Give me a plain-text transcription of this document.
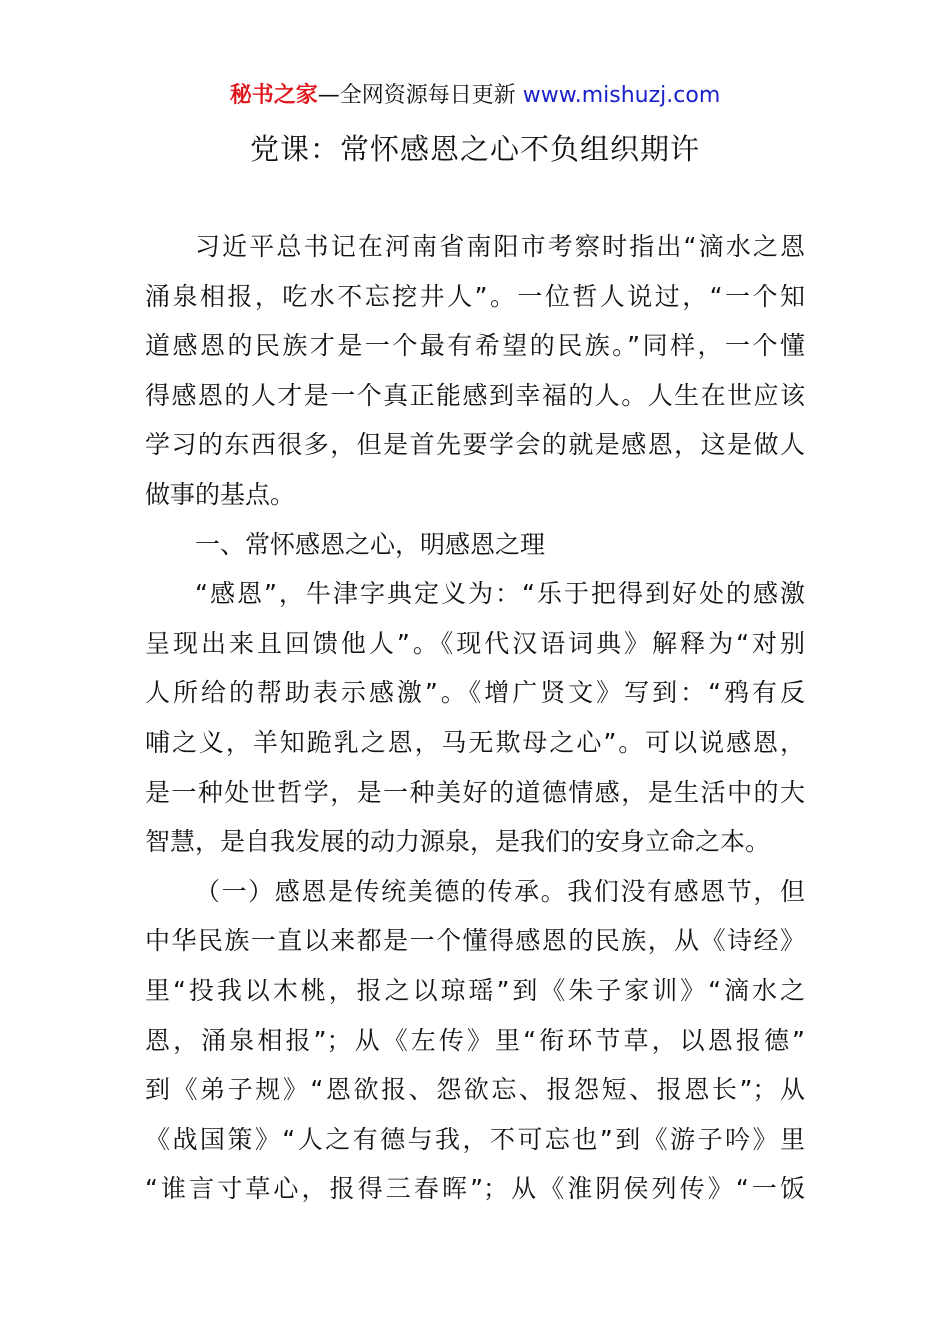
秘书之家—全网资源每日更新 www.mishuzj.com
党课：常怀感恩之心不负组织期许
习近平总书记在河南省南阳市考察时指出“滴水之恩
涌泉相报，吃水不忘挖井人”。一位哲人说过，“一个知
道感恩的民族才是一个最有希望的民族。”同样，一个懂
得感恩的人才是一个真正能感到幸福的人。人生在世应该
学习的东西很多，但是首先要学会的就是感恩，这是做人
做事的基点。
一、常怀感恩之心，明感恩之理
“感恩”，牛津字典定义为：“乐于把得到好处的感激
呈现出来且回馈他人”。《现代汉语词典》解释为“对别
人所给的帮助表示感激”。《增广贤文》写到：“鸦有反
哺之义，羊知跪乳之恩，马无欺母之心”。可以说感恩，
是一种处世哲学，是一种美好的道德情感，是生活中的大
智慧，是自我发展的动力源泉，是我们的安身立命之本。
（一）感恩是传统美德的传承。我们没有感恩节，但
中华民族一直以来都是一个懂得感恩的民族，从《诗经》
里“投我以木桃，报之以琼瑶”到《朱子家训》“滴水之
恩，涌泉相报”；从《左传》里“衔环节草，以恩报德”
到《弟子规》“恩欲报、怨欲忘、报怨短、报恩长”；从
《战国策》“人之有德与我，不可忘也”到《游子吟》里
“谁言寸草心，报得三春晖”；从《淮阴侯列传》“一饭
